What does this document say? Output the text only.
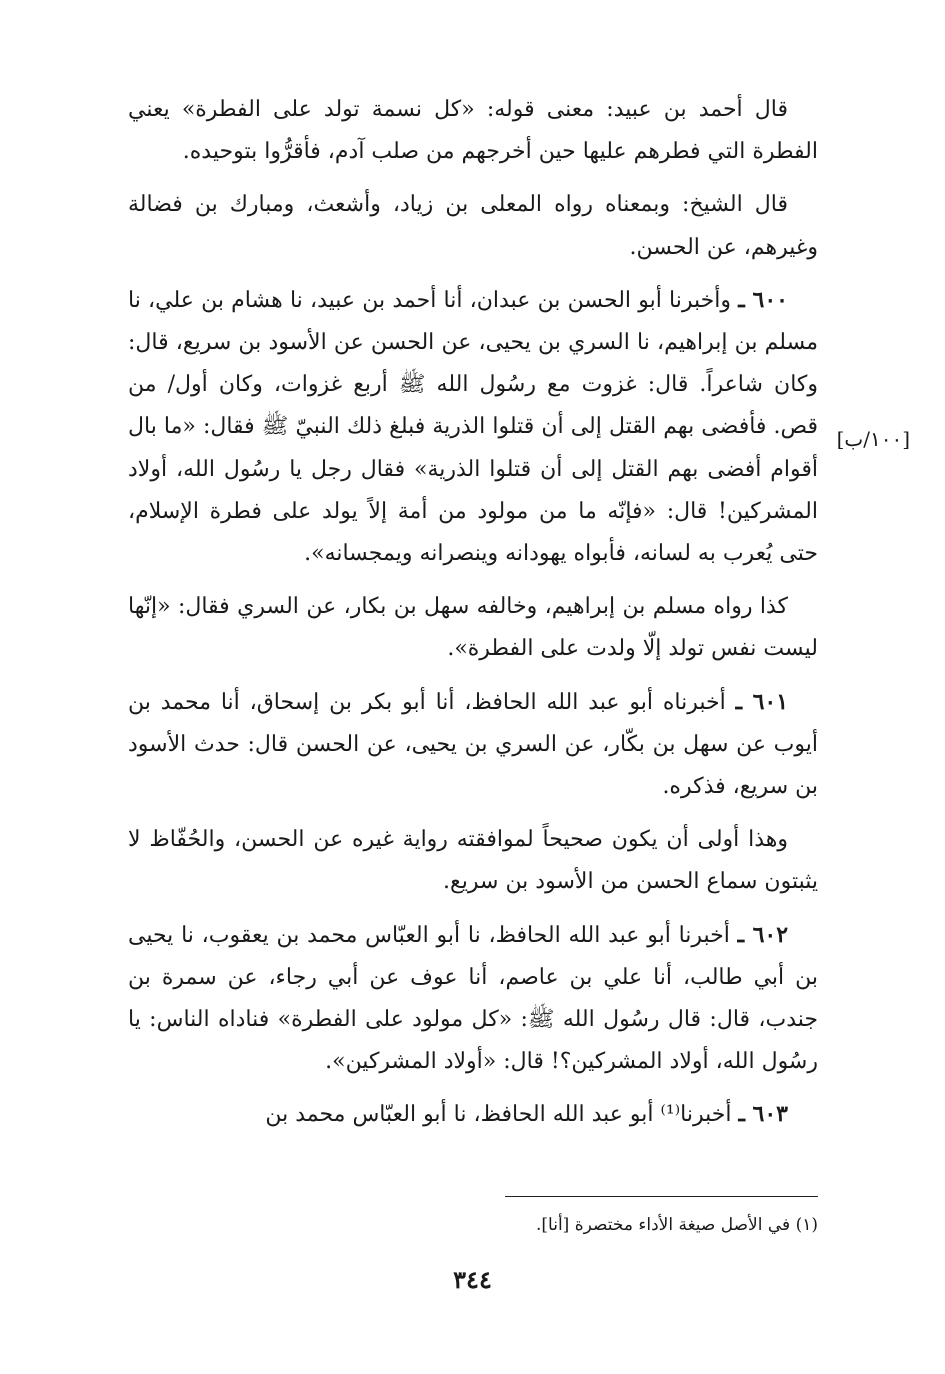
قال أحمد بن عبيد: معنى قوله: «كل نسمة تولد على الفطرة» يعني الفطرة التي فطرهم عليها حين أخرجهم من صلب آدم، فأقرُّوا بتوحيده.

قال الشيخ: وبمعناه رواه المعلى بن زياد، وأشعث، ومبارك بن فضالة وغيرهم، عن الحسن.

٦٠٠ ـ وأخبرنا أبو الحسن بن عبدان، أنا أحمد بن عبيد، نا هشام بن علي، نا مسلم بن إبراهيم، نا السري بن يحيى، عن الحسن عن الأسود بن سريع، قال: وكان شاعراً. قال: غزوت مع رسُول الله ﷺ أربع غزوات، وكان أول/ من قص. فأفضى بهم القتل إلى أن قتلوا الذرية فبلغ ذلك النبيّ ﷺ فقال: «ما بال أقوام أفضى بهم القتل إلى أن قتلوا الذرية» فقال رجل يا رسُول الله، أولاد المشركين! قال: «فإنّه ما من مولود من أمة إلاً يولد على فطرة الإسلام، حتى يُعرب به لسانه، فأبواه يهودانه وينصرانه ويمجسانه».

كذا رواه مسلم بن إبراهيم، وخالفه سهل بن بكار، عن السري فقال: «إنّها ليست نفس تولد إلّا ولدت على الفطرة».

٦٠١ ـ أخبرناه أبو عبد الله الحافظ، أنا أبو بكر بن إسحاق، أنا محمد بن أيوب عن سهل بن بكّار، عن السري بن يحيى، عن الحسن قال: حدث الأسود بن سريع، فذكره.

وهذا أولى أن يكون صحيحاً لموافقته رواية غيره عن الحسن، والحُفّاظ لا يثبتون سماع الحسن من الأسود بن سريع.

٦٠٢ ـ أخبرنا أبو عبد الله الحافظ، نا أبو العبّاس محمد بن يعقوب، نا يحيى بن أبي طالب، أنا علي بن عاصم، أنا عوف عن أبي رجاء، عن سمرة بن جندب، قال: قال رسُول الله ﷺ: «كل مولود على الفطرة» فناداه الناس: يا رسُول الله، أولاد المشركين؟! قال: «أولاد المشركين».

٦٠٣ ـ أخبرنا⁽¹⁾ أبو عبد الله الحافظ، نا أبو العبّاس محمد بن

[١٠٠/ب]
(١) في الأصل صيغة الأداء مختصرة [أنا].
٣٤٤
